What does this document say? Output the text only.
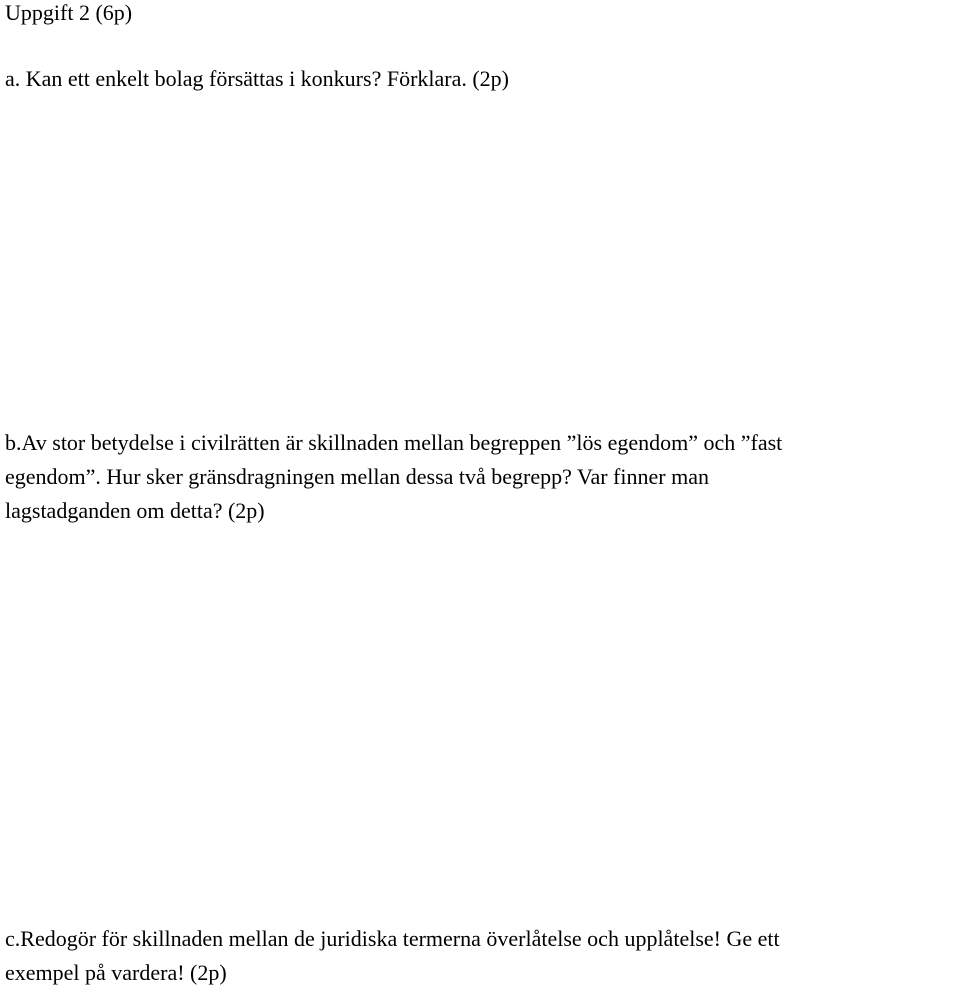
Uppgift 2 (6p)

a. Kan ett enkelt bolag försättas i konkurs? Förklara. (2p)
b.Av stor betydelse i civilrätten är skillnaden mellan begreppen ”lös egendom” och ”fast
egendom”. Hur sker gränsdragningen mellan dessa två begrepp? Var finner man
lagstadganden om detta? (2p)
c.Redogör för skillnaden mellan de juridiska termerna överlåtelse och upplåtelse! Ge ett
exempel på vardera! (2p)
